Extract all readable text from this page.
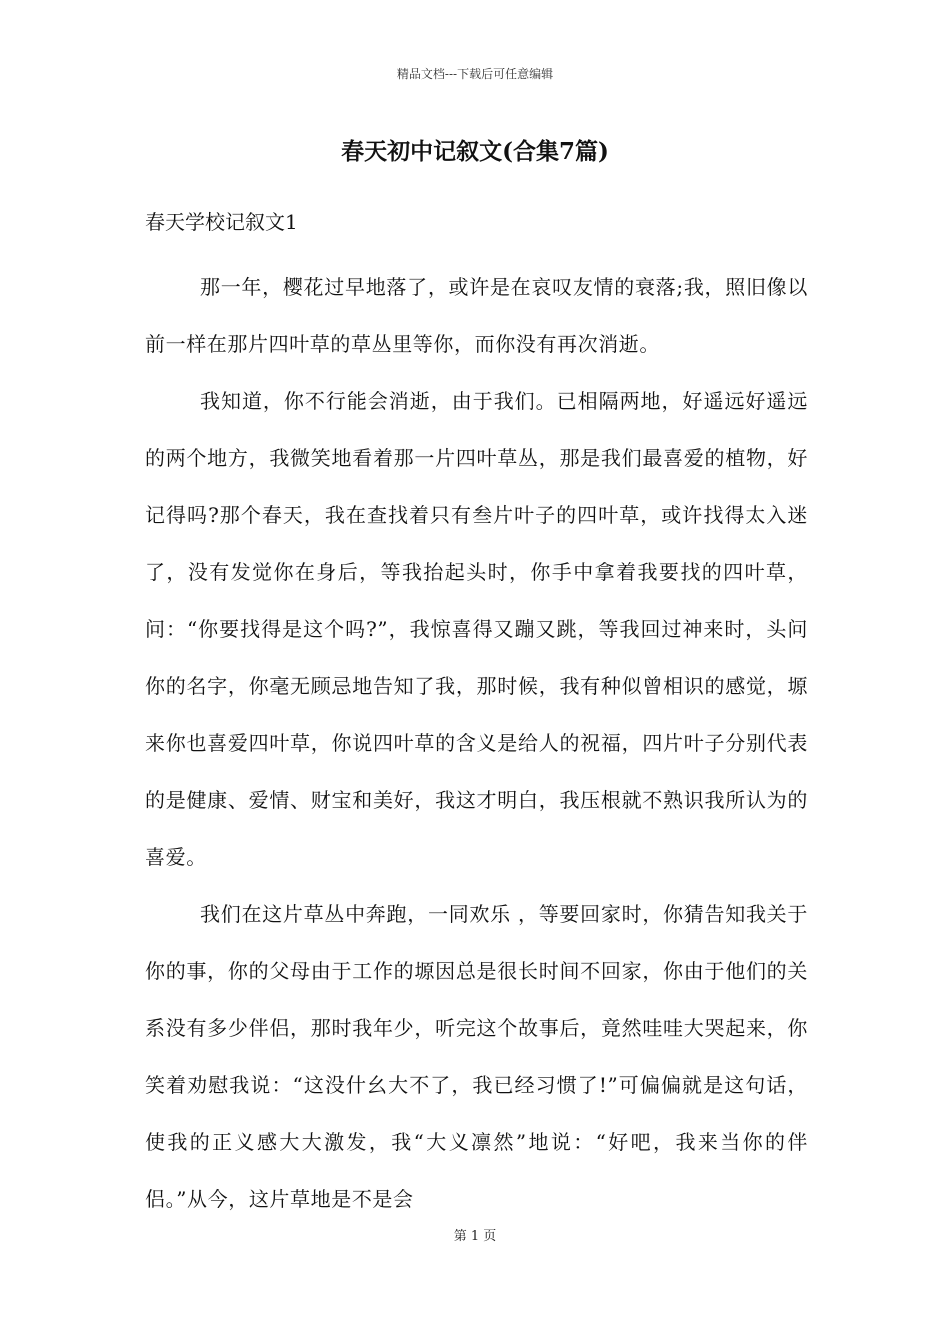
精品文档---下载后可任意编辑
春天初中记叙文(合集7篇)
春天学校记叙文1

那一年，樱花过早地落了，或许是在哀叹友情的衰落;我，照旧像以前一样在那片四叶草的草丛里等你，而你没有再次消逝。

我知道，你不行能会消逝，由于我们。已相隔两地，好遥远好遥远的两个地方，我微笑地看着那一片四叶草丛，那是我们最喜爱的植物，好记得吗?那个春天，我在查找着只有叁片叶子的四叶草，或许找得太入迷了，没有发觉你在身后，等我抬起头时，你手中拿着我要找的四叶草，问：“你要找得是这个吗?”，我惊喜得又蹦又跳，等我回过神来时，头问你的名字，你毫无顾忌地告知了我，那时候，我有种似曾相识的感觉，塬来你也喜爱四叶草，你说四叶草的含义是给人的祝福，四片叶子分别代表的是健康、爱情、财宝和美好，我这才明白，我压根就不熟识我所认为的喜爱。

我们在这片草丛中奔跑，一同欢乐 ，等要回家时，你猜告知我关于你的事，你的父母由于工作的塬因总是很长时间不回家，你由于他们的关系没有多少伴侣，那时我年少，听完这个故事后，竟然哇哇大哭起来，你笑着劝慰我说：“这没什幺大不了，我已经习惯了!”可偏偏就是这句话，使我的正义感大大激发，我“大义凛然”地说：“好吧，我来当你的伴侣。”从今，这片草地是不是会

第 1 页
